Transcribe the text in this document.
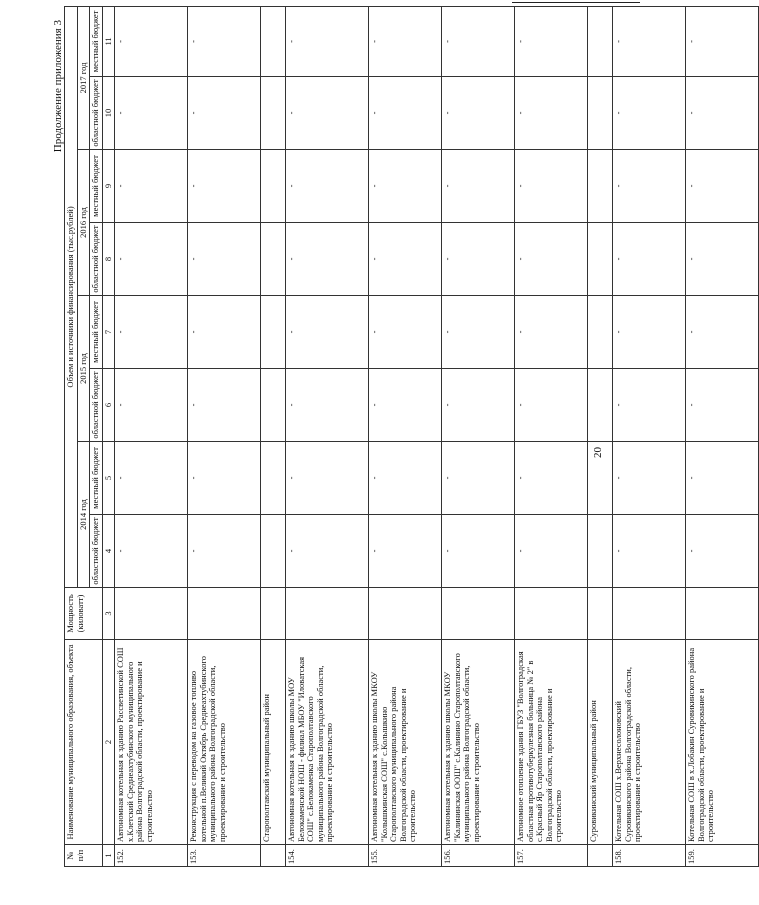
20
Продолжение приложения 3
№ п/п	Наименование муниципального образования, объекта	Мощность (киловатт)	Объем и источники финансирования (тыс.рублей)							
			2014 год		2015 год		2016 год		2017 год	
			областной бюджет	местный бюджет	областной бюджет	местный бюджет	областной бюджет	местный бюджет	областной бюджет	местный бюджет
1	2	3	4	5	6	7	8	9	10	11
152.	Автономная котельная к зданию Рассветинской СОШ х.Клетский Среднеахтубинского муниципального района Волгоградской области, проектирование и строительство		-	-	-	-	-	-	-	-
153.	Реконструкция с переводом на газовое топливо котельной п.Великий Октябрь Среднеахтубинского муниципального района Волгоградской области, проектирование и строительство		-	-	-	-	-	-	-	-
	Старополтавский муниципальный район									
154.	Автономная котельная к зданию школы МОУ Белокаменской НОШ - филиал МБОУ "Иловатская СОШ" с.Белокаменка Старополтавского муниципального района Волгоградской области, проектирование и строительство		-	-	-	-	-	-	-	-
155.	Автономная котельная к зданию школы МКОУ "Колышкинская СОШ" с.Колышкино Старополтавского муниципального района Волгоградской области, проектирование и строительство		-	-	-	-	-	-	-	-
156.	Автономная котельная к зданию школы МКОУ "Калининская ООШ" с.Калинино Старополтавского муниципального района Волгоградской области, проектирование и строительство		-	-	-	-	-	-	-	-
157.	Автономное отопление здания ГБУЗ "Волгоградская областная противотуберкулезная больница № 2" в с.Красный Яр Старополтавского района Волгоградской области, проектирование и строительство		-	-	-	-	-	-	-	-
	Суровикинский муниципальный район									
158.	Котельная СОШ х.Верхнесолоновский Суровикинского района Волгоградской области, проектирование и строительство		-	-	-	-	-	-	-	-
159.	Котельная СОШ в х.Лобакин Суровикинского района Волгоградской области, проектирование и строительство		-	-	-	-	-	-	-	-
